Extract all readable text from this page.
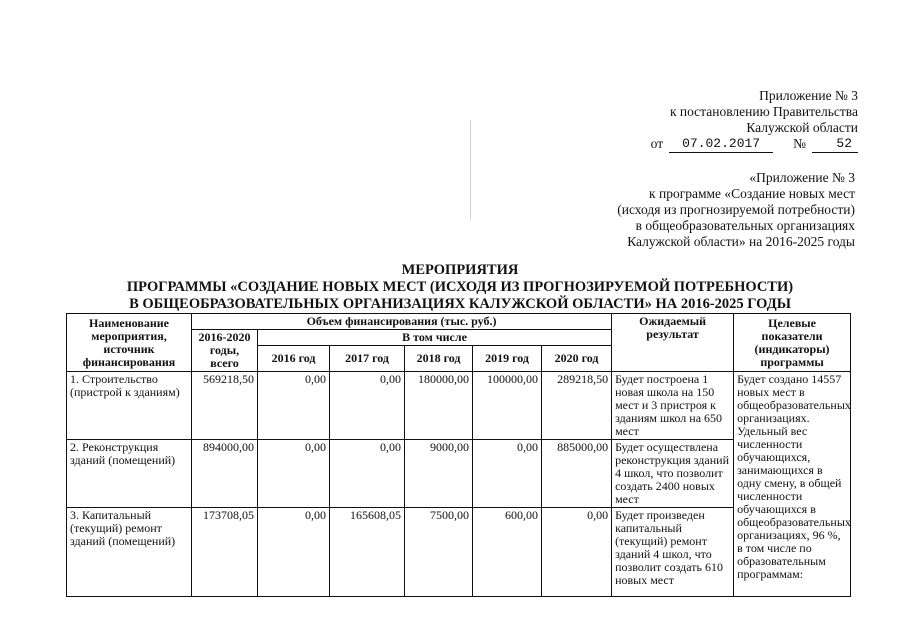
Приложение № 3
к постановлению Правительства
Калужской области
от	07.02.2017	№	52
«Приложение № 3
к программе «Создание новых мест
(исходя из прогнозируемой потребности)
в общеобразовательных организациях
Калужской области» на 2016-2025 годы
МЕРОПРИЯТИЯ
ПРОГРАММЫ «СОЗДАНИЕ НОВЫХ МЕСТ (ИСХОДЯ ИЗ ПРОГНОЗИРУЕМОЙ ПОТРЕБНОСТИ)
В ОБЩЕОБРАЗОВАТЕЛЬНЫХ ОРГАНИЗАЦИЯХ КАЛУЖСКОЙ ОБЛАСТИ» НА 2016-2025 ГОДЫ
Наименование мероприятия, источник финансирования	Объем финансирования (тыс. руб.)						Ожидаемый результат	Целевые показатели (индикаторы) программы
	2016-2020 годы, всего	В том числе						
		2016 год	2017 год	2018 год	2019 год	2020 год		
1. Строительство (пристрой к зданиям)	569218,50	0,00	0,00	180000,00	100000,00	289218,50	Будет построена 1 новая школа на 150 мест и 3 пристроя к зданиям школ на 650 мест	Будет создано 14557 новых мест в общеобразовательных организациях. Удельный вес численности обучающихся, занимающихся в одну смену, в общей численности обучающихся в общеобразовательных организациях, 96 %, в том числе по образовательным программам:
2. Реконструкция зданий (помещений)	894000,00	0,00	0,00	9000,00	0,00	885000,00	Будет осуществлена реконструкция зданий 4 школ, что позволит создать 2400 новых мест	
3. Капитальный (текущий) ремонт зданий (помещений)	173708,05	0,00	165608,05	7500,00	600,00	0,00	Будет произведен капитальный (текущий) ремонт зданий 4 школ, что позволит создать 610 новых мест	
